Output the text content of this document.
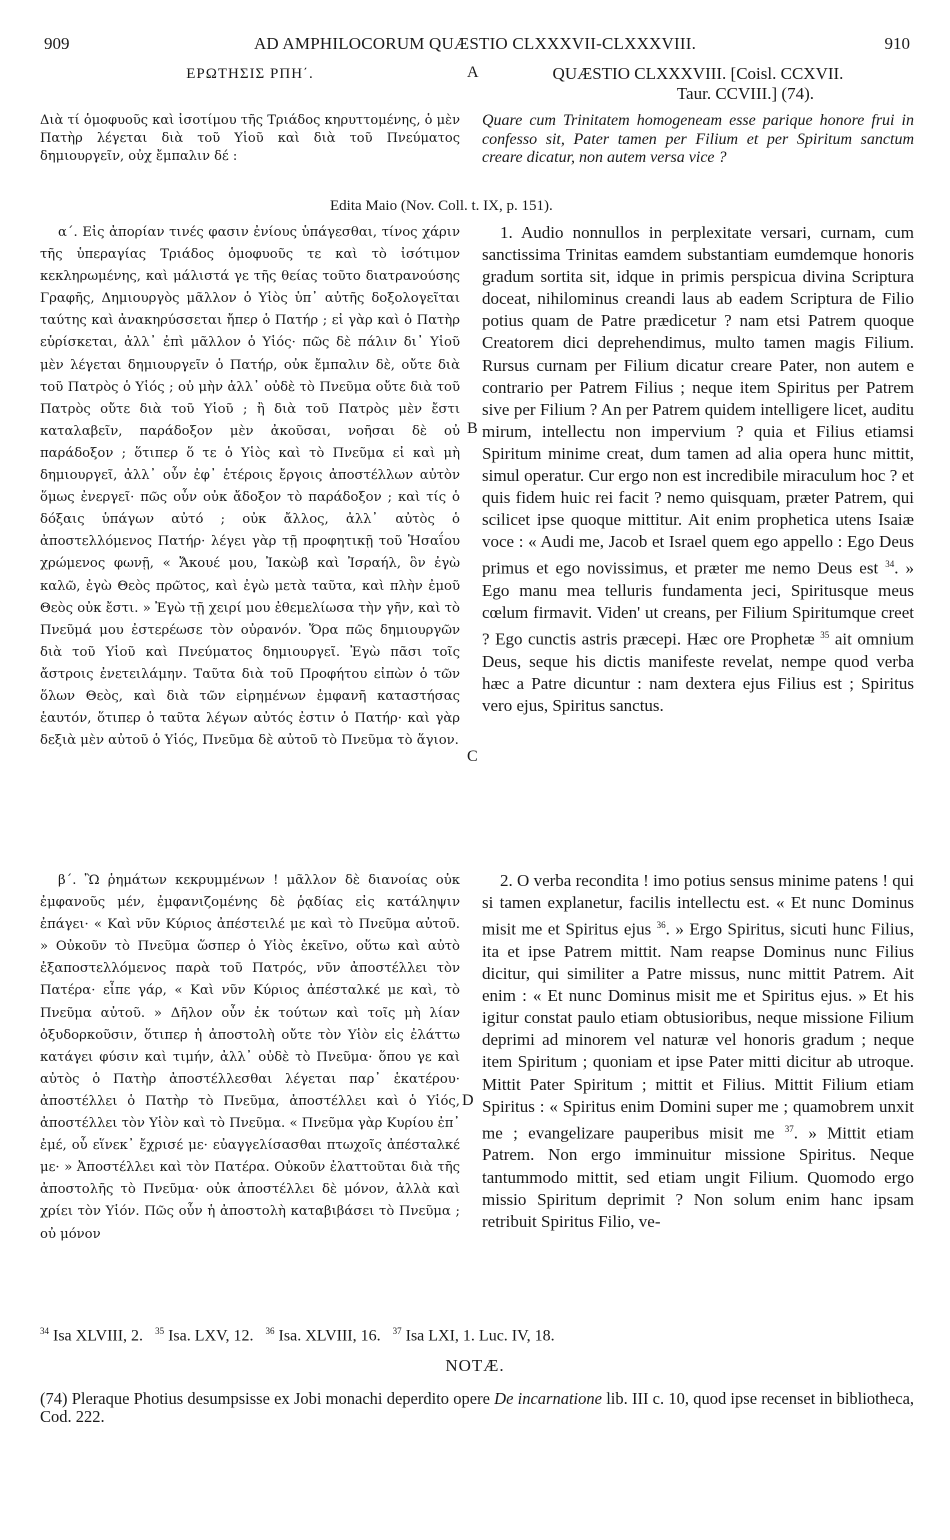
909	AD AMPHILOCORUM QUÆSTIO CLXXXVII-CLXXXVIII.	910
ΕΡΩΤΗΣΙΣ ΡΠΗ΄.	A	QUÆSTIO CLXXXVIII. [Coisl. CCXVII.
Taur. CCVIII.] (74).
Διὰ τί ὁμοφυοῦς καὶ ἰσοτίμου τῆς Τριάδος κηρυττομένης, ὁ μὲν Πατὴρ λέγεται διὰ τοῦ Υἱοῦ καὶ διὰ τοῦ Πνεύματος δημιουργεῖν, οὐχ ἔμπαλιν δέ :
Quare cum Trinitatem homogeneam esse parique honore frui in confesso sit, Pater tamen per Filium et per Spiritum sanctum creare dicatur, non autem versa vice ?
Edita Maio (Nov. Coll. t. IX, p. 151).

α΄. Εἰς ἀπορίαν τινές φασιν ἐνίους ὑπάγεσθαι, τίνος χάριν τῆς ὑπεραγίας Τριάδος ὁμοφυοῦς τε καὶ τὸ ἰσότιμον κεκληρωμένης, καὶ μάλιστά γε τῆς θείας τοῦτο διατρανούσης Γραφῆς, Δημιουργὸς μᾶλλον ὁ Υἱὸς ὑπ᾽ αὐτῆς δοξολογεῖται ταύτης καὶ ἀνακηρύσσεται ἤπερ ὁ Πατήρ ; εἰ γὰρ καὶ ὁ Πατὴρ εὑρίσκεται, ἀλλ᾽ ἐπὶ μᾶλλον ὁ Υἱός· πῶς δὲ πάλιν δι᾽ Υἱοῦ μὲν λέγεται δημιουργεῖν ὁ Πατήρ, οὐκ ἔμπαλιν δὲ, οὔτε διὰ τοῦ Πατρὸς ὁ Υἱός ; οὐ μὴν ἀλλ᾽ οὐδὲ τὸ Πνεῦμα οὔτε διὰ τοῦ Πατρὸς οὔτε διὰ τοῦ Υἱοῦ ; ἢ διὰ τοῦ Πατρὸς μὲν ἔστι καταλαβεῖν, παράδοξον μὲν ἀκοῦσαι, νοῆσαι δὲ οὐ παράδοξον ; ὅτιπερ ὅ τε ὁ Υἱὸς καὶ τὸ Πνεῦμα εἰ καὶ μὴ δημιουργεῖ, ἀλλ᾽ οὖν ἐφ᾽ ἑτέροις ἔργοις ἀποστέλλων αὐτὸν ὅμως ἐνεργεῖ· πῶς οὖν οὐκ ἄδοξον τὸ παράδοξον ; καὶ τίς ὁ δόξαις ὑπάγων αὐτό ; οὐκ ἄλλος, ἀλλ᾽ αὐτὸς ὁ ἀποστελλόμενος Πατήρ· λέγει γὰρ τῇ προφητικῇ τοῦ Ἡσαΐου χρώμενος φωνῇ, « Ἄκουέ μου, Ἰακὼβ καὶ Ἰσραήλ, ὃν ἐγὼ καλῶ, ἐγὼ Θεὸς πρῶτος, καὶ ἐγὼ μετὰ ταῦτα, καὶ πλὴν ἐμοῦ Θεὸς οὐκ ἔστι. » Ἐγὼ τῇ χειρί μου ἐθεμελίωσα τὴν γῆν, καὶ τὸ Πνεῦμά μου ἐστερέωσε τὸν οὐρανόν. Ὅρα πῶς δημιουργῶν διὰ τοῦ Υἱοῦ καὶ Πνεύματος δημιουργεῖ. Ἐγὼ πᾶσι τοῖς ἄστροις ἐνετειλάμην. Ταῦτα διὰ τοῦ Προφήτου εἰπὼν ὁ τῶν ὅλων Θεὸς, καὶ διὰ τῶν εἰρημένων ἐμφανῆ καταστήσας ἑαυτόν, ὅτιπερ ὁ ταῦτα λέγων αὐτός ἐστιν ὁ Πατήρ· καὶ γὰρ δεξιὰ μὲν αὐτοῦ ὁ Υἱός, Πνεῦμα δὲ αὐτοῦ τὸ Πνεῦμα τὸ ἅγιον.

1. Audio nonnullos in perplexitate versari, curnam, cum sanctissima Trinitas eamdem substantiam eumdemque honoris gradum sortita sit, idque in primis perspicua divina Scriptura doceat, nihilominus creandi laus ab eadem Scriptura de Filio potius quam de Patre prædicetur ? nam etsi Patrem quoque Creatorem dici deprehendimus, multo tamen magis Filium. Rursus curnam per Filium dicatur creare Pater, non autem e contrario per Patrem Filius ; neque item Spiritus per Patrem sive per Filium ? An per Patrem quidem intelligere licet, auditu mirum, intellectu non impervium ? quia et Filius etiamsi Spiritum minime creat, dum tamen ad alia opera hunc mittit, simul operatur. Cur ergo non est incredibile miraculum hoc ? et quis fidem huic rei facit ? nemo quisquam, præter Patrem, qui scilicet ipse quoque mittitur. Ait enim prophetica utens Isaiæ voce : « Audi me, Jacob et Israel quem ego appello : Ego Deus primus et ego novissimus, et præter me nemo Deus est $^{34}$. » Ego manu mea telluris fundamenta jeci, Spiritusque meus cœlum firmavit. Viden' ut creans, per Filium Spiritumque creet ? Ego cunctis astris præcepi. Hæc ore Prophetæ $^{35}$ ait omnium Deus, seque his dictis manifeste revelat, nempe quod verba hæc a Patre dicuntur : nam dextera ejus Filius est ; Spiritus vero ejus, Spiritus sanctus.
B
C

β΄. Ὢ ῥημάτων κεκρυμμένων ! μᾶλλον δὲ διανοίας οὐκ ἐμφανοῦς μέν, ἐμφανιζομένης δὲ ῥᾳδίας εἰς κατάληψιν ἐπάγει· « Καὶ νῦν Κύριος ἀπέστειλέ με καὶ τὸ Πνεῦμα αὐτοῦ. » Οὐκοῦν τὸ Πνεῦμα ὥσπερ ὁ Υἱὸς ἐκεῖνο, οὕτω καὶ αὐτὸ ἐξαποστελλόμενος παρὰ τοῦ Πατρός, νῦν ἀποστέλλει τὸν Πατέρα· εἶπε γάρ, « Καὶ νῦν Κύριος ἀπέσταλκέ με καὶ, τὸ Πνεῦμα αὐτοῦ. » Δῆλον οὖν ἐκ τούτων καὶ τοῖς μὴ λίαν ὀξυδορκοῦσιν, ὅτιπερ ἡ ἀποστολὴ οὔτε τὸν Υἱὸν εἰς ἐλάττω κατάγει φύσιν καὶ τιμήν, ἀλλ᾽ οὐδὲ τὸ Πνεῦμα· ὅπου γε καὶ αὐτὸς ὁ Πατὴρ ἀποστέλλεσθαι λέγεται παρ᾽ ἑκατέρου· ἀποστέλλει ὁ Πατὴρ τὸ Πνεῦμα, ἀποστέλλει καὶ ὁ Υἱός, ἀποστέλλει τὸν Υἱὸν καὶ τὸ Πνεῦμα. « Πνεῦμα γὰρ Κυρίου ἐπ᾽ ἐμέ, οὗ εἵνεκ᾽ ἔχρισέ με· εὐαγγελίσασθαι πτωχοῖς ἀπέσταλκέ με· » Ἀποστέλλει καὶ τὸν Πατέρα. Οὐκοῦν ἐλαττοῦται διὰ τῆς ἀποστολῆς τὸ Πνεῦμα· οὐκ ἀποστέλλει δὲ μόνον, ἀλλὰ καὶ χρίει τὸν Υἱόν. Πῶς οὖν ἡ ἀποστολὴ καταβιβάσει τὸ Πνεῦμα ; οὐ μόνον

2. O verba recondita ! imo potius sensus minime patens ! qui si tamen explanetur, facilis intellectu est. « Et nunc Dominus misit me et Spiritus ejus $^{36}$. » Ergo Spiritus, sicuti hunc Filius, ita et ipse Patrem mittit. Nam reapse Dominus nunc Filius dicitur, qui similiter a Patre missus, nunc mittit Patrem. Ait enim : « Et nunc Dominus misit me et Spiritus ejus. » Et his igitur constat paulo etiam obtusioribus, neque missione Filium deprimi ad minorem vel naturæ vel honoris gradum ; neque item Spiritum ; quoniam et ipse Pater mitti dicitur ab utroque. Mittit Pater Spiritum ; mittit et Filius. Mittit Filium etiam Spiritus : « Spiritus enim Domini super me ; quamobrem unxit me ; evangelizare pauperibus misit me $^{37}$. » Mittit etiam Patrem. Non ergo imminuitur missione Spiritus. Neque tantummodo mittit, sed etiam ungit Filium. Quomodo ergo missio Spiritum deprimit ? Non solum enim hanc ipsam retribuit Spiritus Filio, ve-
D
$^{34}$ Isa XLVIII, 2. $^{35}$ Isa. LXV, 12. $^{36}$ Isa. XLVIII, 16. $^{37}$ Isa LXI, 1. Luc. IV, 18.
NOTÆ.
(74) Pleraque Photius desumpsisse ex Jobi monachi deperdito opere De incarnatione lib. III c. 10, quod ipse recenset in bibliotheca, Cod. 222.
